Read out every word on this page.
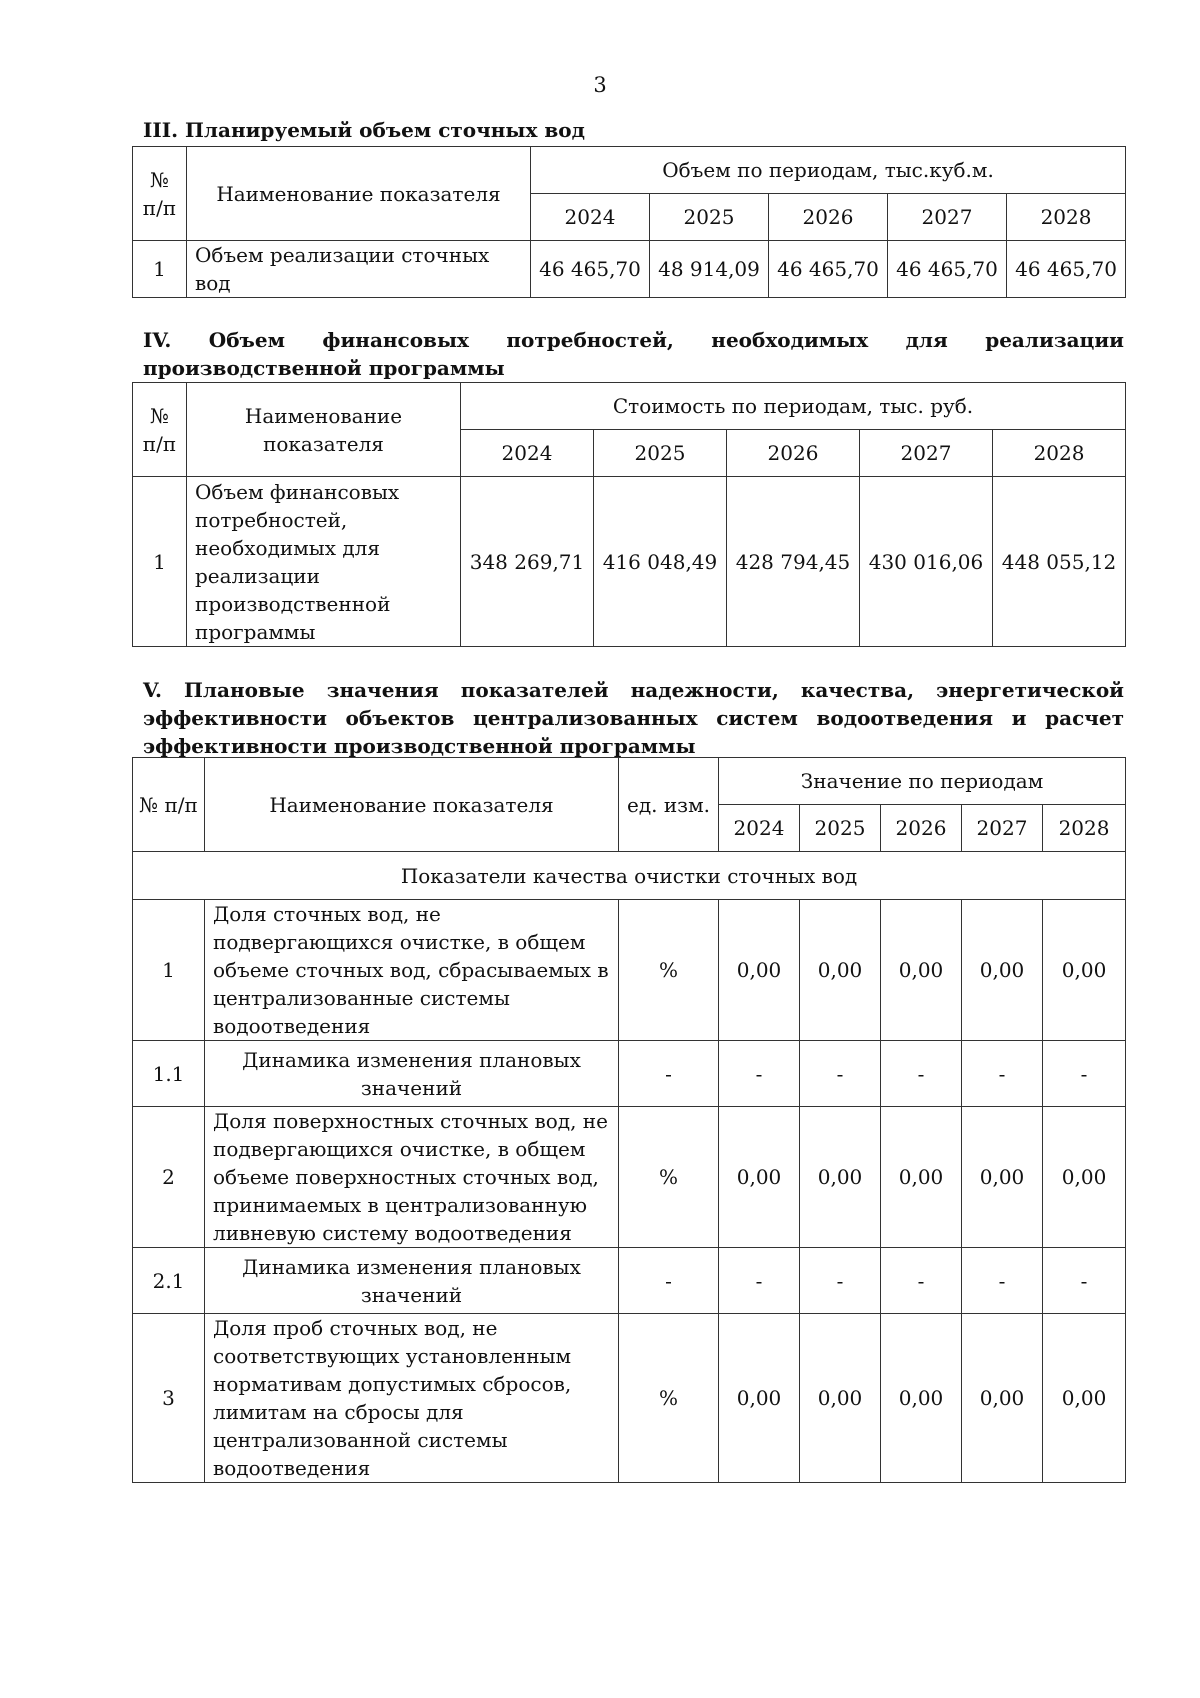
3
III. Планируемый объем сточных вод
№ п/п	Наименование показателя	Объем по периодам, тыс.куб.м.				
		2024	2025	2026	2027	2028
1	Объем реализации сточных вод	46 465,70	48 914,09	46 465,70	46 465,70	46 465,70
IV. Объем финансовых потребностей, необходимых для реализации производственной программы
№ п/п	Наименование показателя	Стоимость по периодам, тыс. руб.				
		2024	2025	2026	2027	2028
1	Объем финансовых потребностей, необходимых для реализации производственной программы	348 269,71	416 048,49	428 794,45	430 016,06	448 055,12
V. Плановые значения показателей надежности, качества, энергетической эффективности объектов централизованных систем водоотведения и расчет эффективности производственной программы
№ п/п	Наименование показателя	ед. изм.	Значение по периодам				
			2024	2025	2026	2027	2028
Показатели качества очистки сточных вод							
1	Доля сточных вод, не подвергающихся очистке, в общем объеме сточных вод, сбрасываемых в централизованные системы водоотведения	%	0,00	0,00	0,00	0,00	0,00
1.1	Динамика изменения плановых значений	-	-	-	-	-	-
2	Доля поверхностных сточных вод, не подвергающихся очистке, в общем объеме поверхностных сточных вод, принимаемых в централизованную ливневую систему водоотведения	%	0,00	0,00	0,00	0,00	0,00
2.1	Динамика изменения плановых значений	-	-	-	-	-	-
3	Доля проб сточных вод, не соответствующих установленным нормативам допустимых сбросов, лимитам на сбросы для централизованной системы водоотведения	%	0,00	0,00	0,00	0,00	0,00
